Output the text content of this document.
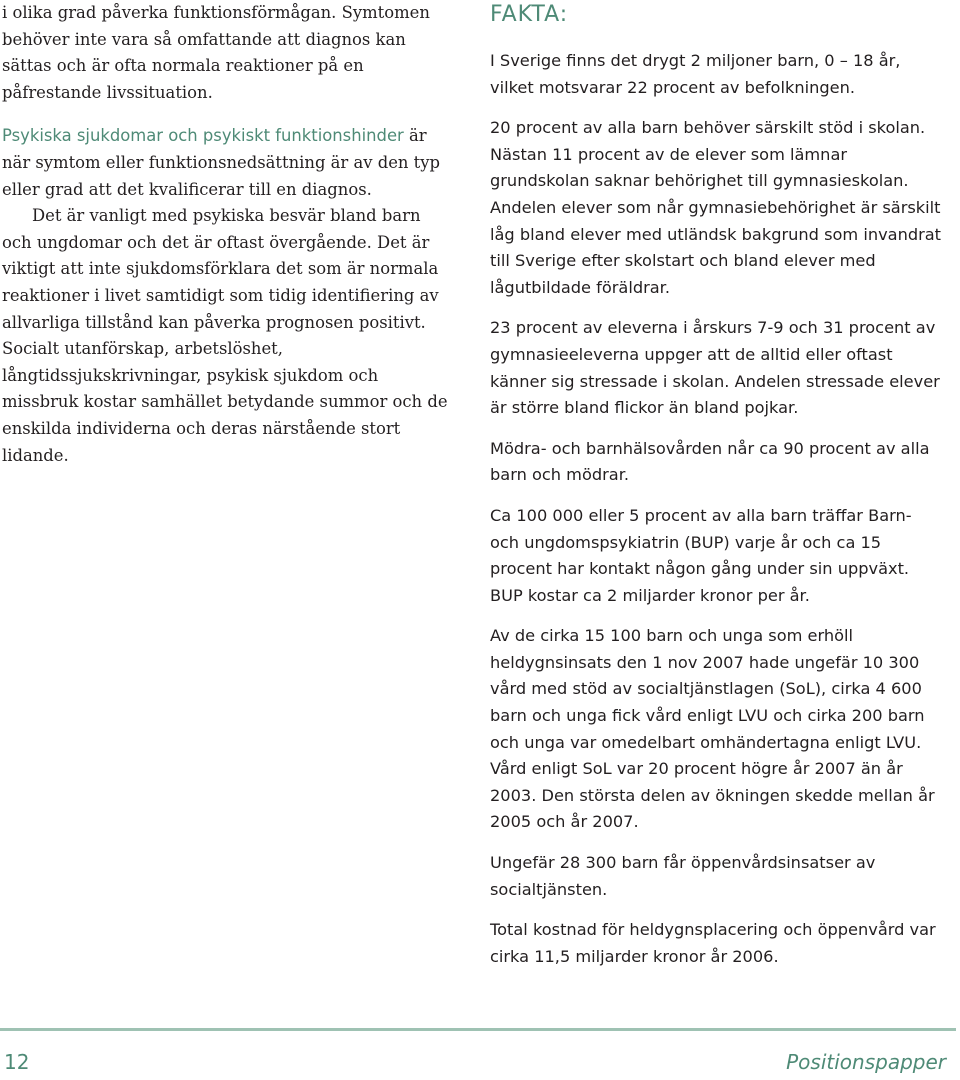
i olika grad påverka funktionsförmågan. Symtomen behöver inte vara så omfattande att diagnos kan sättas och är ofta normala reaktioner på en påfrestande livssituation.

Psykiska sjukdomar och psykiskt funktionshinder är när symtom eller funktionsnedsättning är av den typ eller grad att det kvalificerar till en diagnos.

Det är vanligt med psykiska besvär bland barn och ungdomar och det är oftast övergående. Det är viktigt att inte sjukdomsförklara det som är normala reaktioner i livet samtidigt som tidig identifiering av allvarliga tillstånd kan påverka prognosen positivt. Socialt utanförskap, arbetslöshet, långtidssjukskrivningar, psykisk sjukdom och missbruk kostar samhället betydande summor och de enskilda individerna och deras närstående stort lidande.

FAKTA:

I Sverige finns det drygt 2 miljoner barn, 0 – 18 år, vilket motsvarar 22 procent av befolkningen.

20 procent av alla barn behöver särskilt stöd i skolan. Nästan 11 procent av de elever som lämnar grundskolan saknar behörighet till gymnasieskolan. Andelen elever som når gymnasiebehörighet är särskilt låg bland elever med utländsk bakgrund som invandrat till Sverige efter skolstart och bland elever med lågutbildade föräldrar.

23 procent av eleverna i årskurs 7-9 och 31 procent av gymnasieeleverna uppger att de alltid eller oftast känner sig stressade i skolan. Andelen stressade elever är större bland flickor än bland pojkar.

Mödra- och barnhälsovården når ca 90 procent av alla barn och mödrar.

Ca 100 000 eller 5 procent av alla barn träffar Barn- och ungdomspsykiatrin (BUP) varje år och ca 15 procent har kontakt någon gång under sin uppväxt. BUP kostar ca 2 miljarder kronor per år.

Av de cirka 15 100 barn och unga som erhöll heldygnsinsats den 1 nov 2007 hade ungefär 10 300 vård med stöd av socialtjänstlagen (SoL), cirka 4 600 barn och unga fick vård enligt LVU och cirka 200 barn och unga var omedelbart omhändertagna enligt LVU. Vård enligt SoL var 20 procent högre år 2007 än år 2003. Den största delen av ökningen skedde mellan år 2005 och år 2007.

Ungefär 28 300 barn får öppenvårdsinsatser av socialtjänsten.

Total kostnad för heldygnsplacering och öppenvård var cirka 11,5 miljarder kronor år 2006.

12	Positionspapper
